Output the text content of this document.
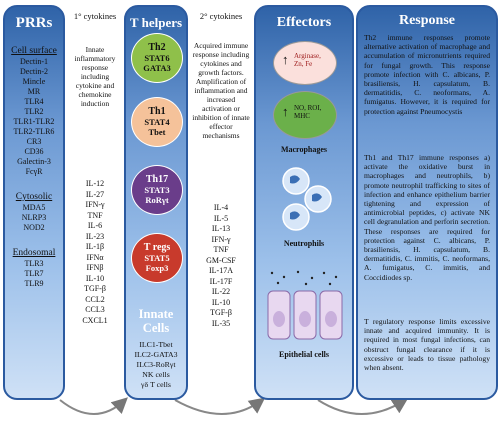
PRRs
Cell surface
Dectin-1
Dectin-2
Mincle
MR
TLR4
TLR2
TLR1-TLR2
TLR2-TLR6
CR3
CD36
Galectin-3
FcγR
Cytosolic
MDA5
NLRP3
NOD2
Endosomal
TLR3
TLR7
TLR9
1° cytokines
Innate inflammatory response including cytokine and chemokine induction
IL-12
IL-27
IFN-γ
TNF
IL-6
IL-23
IL-1β
IFNα
IFNβ
IL-10
TGF-β
CCL2
CCL3
CXCL1
T helpers
Th2
STAT6
GATA3
Th1
STAT4
Tbet
Th17
STAT3
RoRγt
T regs
STAT5
Foxp3
Innate Cells
ILC1-Tbet
ILC2-GATA3
ILC3-RoRγt
NK cells
γδ T cells
2° cytokines
Acquired immune response including cytokines and growth factors. Amplification of inflammation and increased activation or inhibition of innate effector mechanisms
IL-4
IL-5
IL-13
IFN-γ
TNF
GM-CSF
IL-17A
IL-17F
IL-22
IL-10
TGF-β
IL-35
Effectors
↑ Arginase, Zn, Fe
↑ NO, ROI, MHC
Macrophages
Neutrophils
Epithelial cells
Response
Th2 immune responses promote alternative activation of macrophage and accumulation of micronutrients required for fungal growth. This response promote infection with C. albicans, P. brasiliensis, H. capsulatum, B. dermatitidis, C. neoformans, A. fumigatus. However, it is required for protection against Pneumocystis
Th1 and Th17 immune responses a) activate the oxidative burst in macrophages and neutrophils, b) promote neutrophil trafficking to sites of infection and enhance epithelium barrier tightening and expression of antimicrobial peptides, c) activate NK cell degranulation and perforin secretion. These responses are required for protection against C. albicans, P. brasiliensis, H. capsulatum, B. dermatitidis, C. immitis, C. neoformans, A. fumigatus, C. immitis, and Coccidiodes sp.
T regulatory response limits excessive innate and acquired immunity. It is required in most fungal infections, can obstruct fungal clearance if it is excessive or leads to tissue pathology when absent.
